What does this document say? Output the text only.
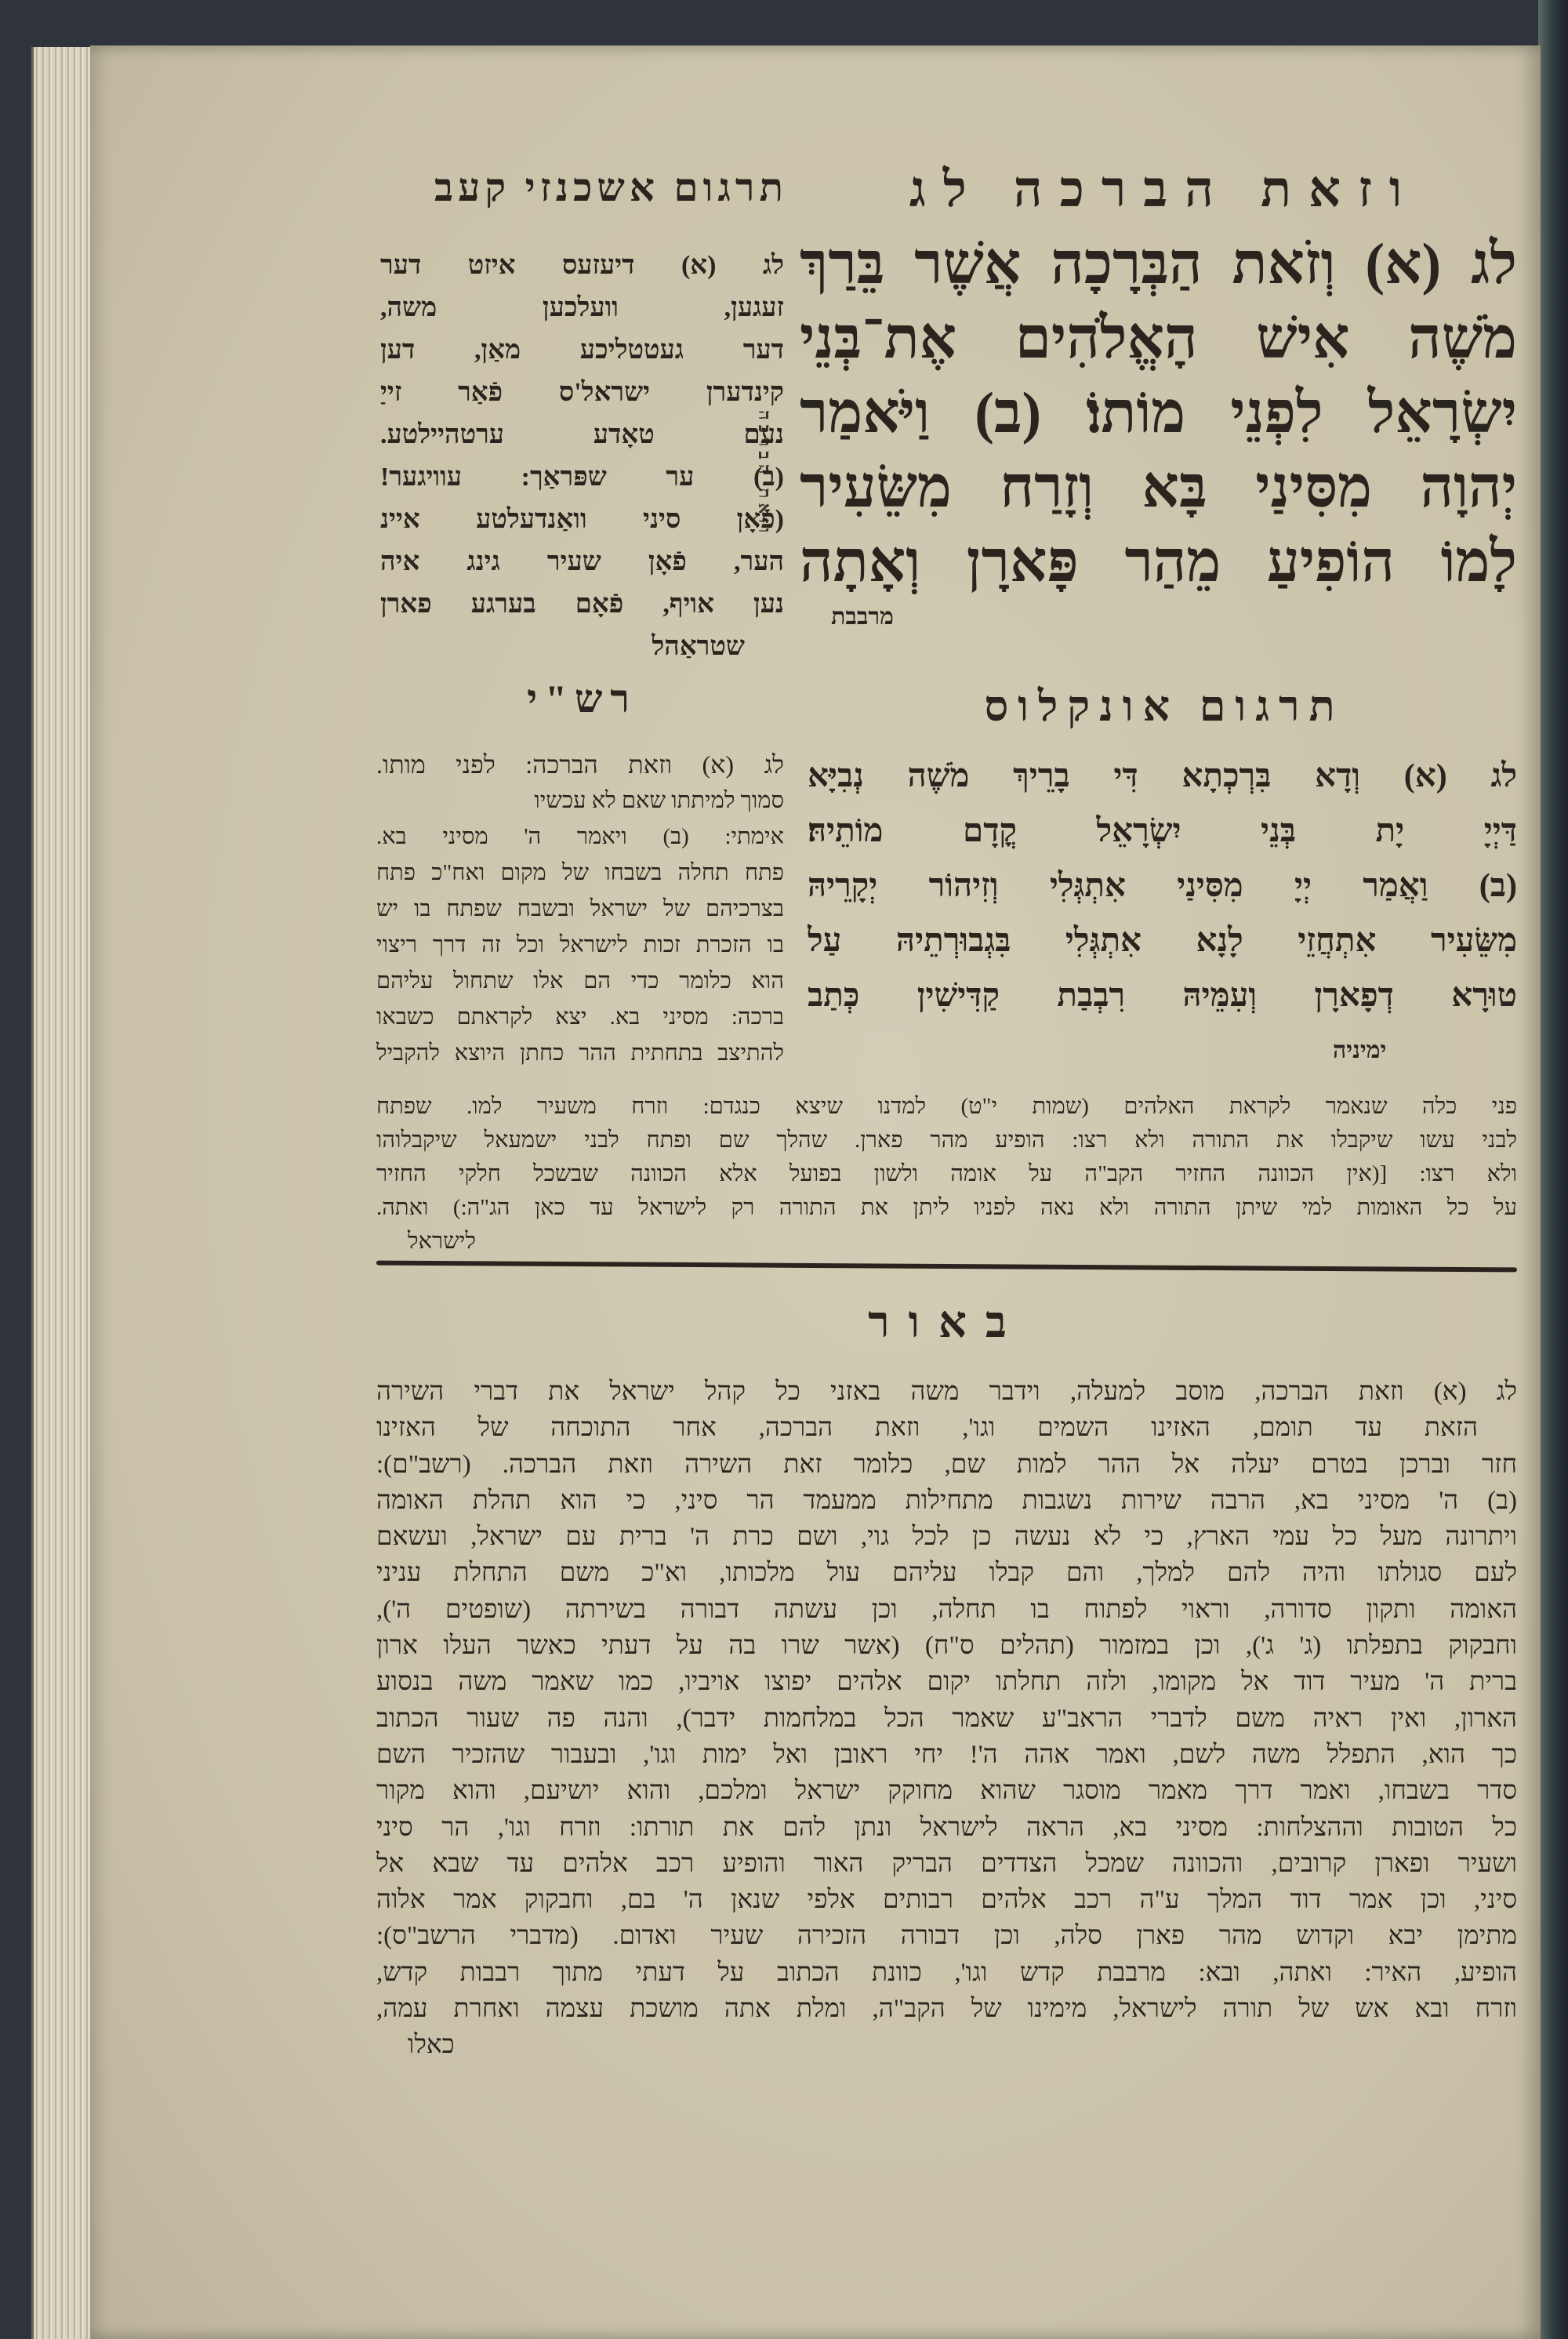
וזאת הברכה לג
תרגום אשכנזי קעב
לג (א) וְזֹאת הַבְּרָכָה אֲשֶׁר בֵּרַךְ
מֹשֶׁה אִישׁ הָאֱלֹהִים אֶת־בְּנֵי
יִשְׂרָאֵל לִפְנֵי מוֹתוֹ׃ (ב) וַיֹּאמַר
יְהוָה מִסִּינַי בָּא וְזָרַח מִשֵּׂעִיר
לָמוֹ הוֹפִיעַ מֵהַר פָּארָן וְאָתָה
מרבבת
וזאת הברכה
לג (א) דיעזעס איזט דער
זעגען, וועלכען משה,
דער געטטליכע מאַן, דען
קינדערן ישראל'ס פֿאַר זייַ
נעם טאָדע ערטהיילטע.
(ב) ער שפּראַך: עוויגער!
(פֿאָן סיני וואַנדעלטע איינ
הער, פֿאָן שעיר גינג איה
נען אויף, פֿאָם בערגע פארן
שטראַהל
תרגום אונקלוס
רש"י
לג (א) וְדָא בִּרְכְתָא דִּי בָרֵיךְ מֹשֶׁה נְבִיָּא
דַּיְיָ יָת בְּנֵי יִשְׂרָאֵל קֳדָם מוֹתֵיהּ׃
(ב) וַאֲמַר יְיָ מִסִּינַי אִתְגְּלִי וְזִיהוֹר יְקָרֵיהּ
מִשֵּׂעִיר אִתְחֲזֵי לָנָא אִתְגְּלִי בִּגְבוּרְתֵיהּ עַל
טוּרָא דְפָארָן וְעִמֵּיהּ רִבְבַת קַדִּישִׁין כְּתַב
ימיניה
לג (א) וזאת הברכה: לפני מותו.
סמוך למיתתו שאם לא עכשיו
אימתי: (ב) ויאמר ה' מסיני בא.
פתח תחלה בשבחו של מקום ואח"כ פתח
בצרכיהם של ישראל ובשבח שפתח בו יש
בו הזכרת זכות לישראל וכל זה דרך ריצוי
הוא כלומר כדי הם אלו שתחול עליהם
ברכה: מסיני בא. יצא לקראתם כשבאו
להתיצב בתחתית ההר כחתן היוצא להקביל
פני כלה שנאמר לקראת האלהים (שמות י"ט) למדנו שיצא כנגדם: וזרח משעיר למו. שפתח
לבני עשו שיקבלו את התורה ולא רצו: הופיע מהר פארן. שהלך שם ופתח לבני ישמעאל שיקבלוהו
ולא רצו: [(אין הכוונה החזיר הקב"ה על אומה ולשון בפועל אלא הכוונה שבשכל חלקי החזיר
על כל האומות למי שיתן התורה ולא נאה לפניו ליתן את התורה רק לישראל עד כאן הג"ה:) ואתה.
לישראל
באור
לג (א) וזאת הברכה, מוסב למעלה, וידבר משה באזני כל קהל ישראל את דברי השירה
הזאת עד תומם, האזינו השמים וגו', וזאת הברכה, אחר התוכחה של האזינו
חזר וברכן בטרם יעלה אל ההר למות שם, כלומר זאת השירה וזאת הברכה. (רשב"ם):
(ב) ה' מסיני בא, הרבה שירות נשגבות מתחילות ממעמד הר סיני, כי הוא תהלת האומה
ויתרונה מעל כל עמי הארץ, כי לא נעשה כן לכל גוי, ושם כרת ה' ברית עם ישראל, ועשאם
לעם סגולתו והיה להם למלך, והם קבלו עליהם עול מלכותו, וא"כ משם התחלת עניני
האומה ותקון סדורה, וראוי לפתוח בו תחלה, וכן עשתה דבורה בשירתה (שופטים ה'),
וחבקוק בתפלתו (ג' ג'), וכן במזמור (תהלים ס"ח) (אשר שרו בה על דעתי כאשר העלו ארון
ברית ה' מעיר דוד אל מקומו, ולזה תחלתו יקום אלהים יפוצו אויביו, כמו שאמר משה בנסוע
הארון, ואין ראיה משם לדברי הראב"ע שאמר הכל במלחמות ידבר), והנה פה שעור הכתוב
כך הוא, התפלל משה לשם, ואמר אהה ה'! יחי ראובן ואל ימות וגו', ובעבור שהזכיר השם
סדר בשבחו, ואמר דרך מאמר מוסגר שהוא מחוקק ישראל ומלכם, והוא יושיעם, והוא מקור
כל הטובות וההצלחות: מסיני בא, הראה לישראל ונתן להם את תורתו: וזרח וגו', הר סיני
ושעיר ופארן קרובים, והכוונה שמכל הצדדים הבריק האור והופיע רכב אלהים עד שבא אל
סיני, וכן אמר דוד המלך ע"ה רכב אלהים רבותים אלפי שנאן ה' בם, וחבקוק אמר אלוה
מתימן יבא וקדוש מהר פארן סלה, וכן דבורה הזכירה שעיר ואדום. (מדברי הרשב"ס):
הופיע, האיר: ואתה, ובא: מרבבת קדש וגו', כוונת הכתוב על דעתי מתוך רבבות קדש,
וזרח ובא אש של תורה לישראל, מימינו של הקב"ה, ומלת אתה מושכת עצמה ואחרת עמה,
כאלו
